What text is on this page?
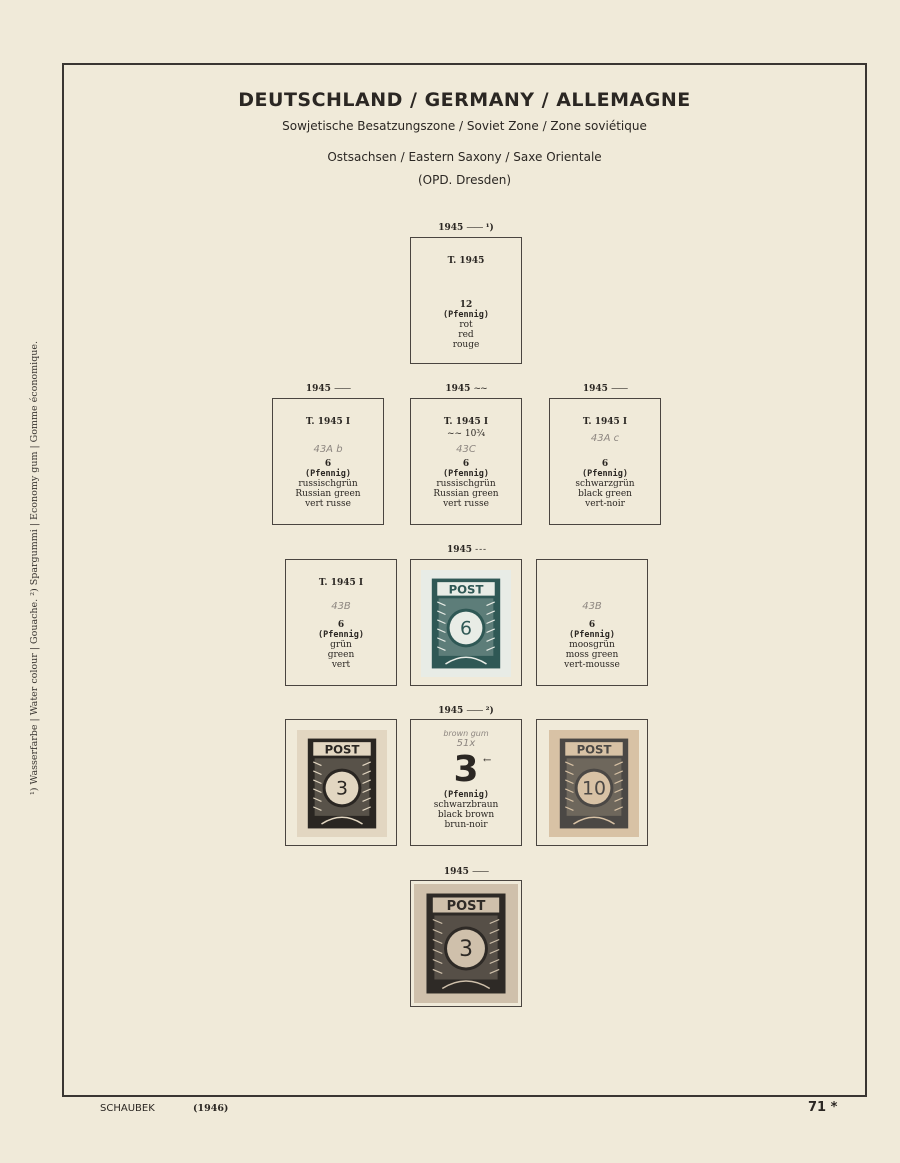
DEUTSCHLAND / GERMANY / ALLEMAGNE
Sowjetische Besatzungszone / Soviet Zone / Zone soviétique
Ostsachsen / Eastern Saxony / Saxe Orientale
(OPD. Dresden)
¹) Wasserfarbe | Water colour | Gouache. ²) Spargummi | Economy gum | Gomme économique.
1945 —— ¹)
T. 1945
12
(Pfennig)
rot
red
rouge
1945 ——	1945 ~~	1945 ——
T. 1945 I
43A b
6
(Pfennig)
russischgrün
Russian green
vert russe
T. 1945 I
~~ 10¾
43C
6
(Pfennig)
russischgrün
Russian green
vert russe
T. 1945 I
43A c
6
(Pfennig)
schwarzgrün
black green
vert-noir
1945 - - -
T. 1945 I
43B
6
(Pfennig)
grün
green
vert
POST
6
43B
6
(Pfennig)
moosgrün
moss green
vert-mousse
1945 —— ²)
POST
3
brown gum
51x
3 ←
(Pfennig)
schwarzbraun
black brown
brun-noir
POST
10
1945 ——
POST
3
SCHAUBEK	(1946)	71 *
